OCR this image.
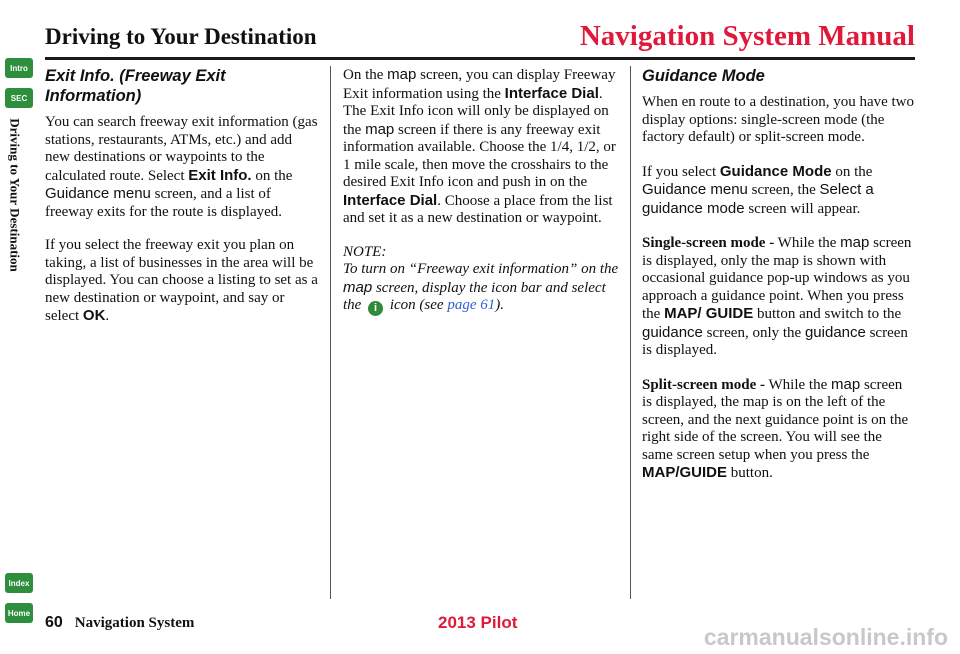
Driving to Your Destination	Navigation System Manual
Intro
SEC
Driving to Your Destination
Index
Home
Exit Info. (Freeway Exit Information)

You can search freeway exit information (gas stations, restaurants, ATMs, etc.) and add new destinations or waypoints to the calculated route. Select Exit Info. on the Guidance menu screen, and a list of freeway exits for the route is displayed.

If you select the freeway exit you plan on taking, a list of businesses in the area will be displayed. You can choose a listing to set as a new destination or waypoint, and say or select OK.

On the map screen, you can display Freeway Exit information using the Interface Dial. The Exit Info icon will only be displayed on the map screen if there is any freeway exit information available. Choose the 1/4, 1/2, or 1 mile scale, then move the crosshairs to the desired Exit Info icon and push in on the Interface Dial. Choose a place from the list and set it as a new destination or waypoint.

NOTE:
To turn on “Freeway exit information” on the map screen, display the icon bar and select the i icon (see page 61).

Guidance Mode

When en route to a destination, you have two display options: single-screen mode (the factory default) or split-screen mode.

If you select Guidance Mode on the Guidance menu screen, the Select a guidance mode screen will appear.

Single-screen mode - While the map screen is displayed, only the map is shown with occasional guidance pop-up windows as you approach a guidance point. When you press the MAP/ GUIDE button and switch to the guidance screen, only the guidance screen is displayed.

Split-screen mode - While the map screen is displayed, the map is on the left of the screen, and the next guidance point is on the right side of the screen. You will see the same screen setup when you press the MAP/GUIDE button.

60 Navigation System	2013 Pilot
carmanualsonline.info
